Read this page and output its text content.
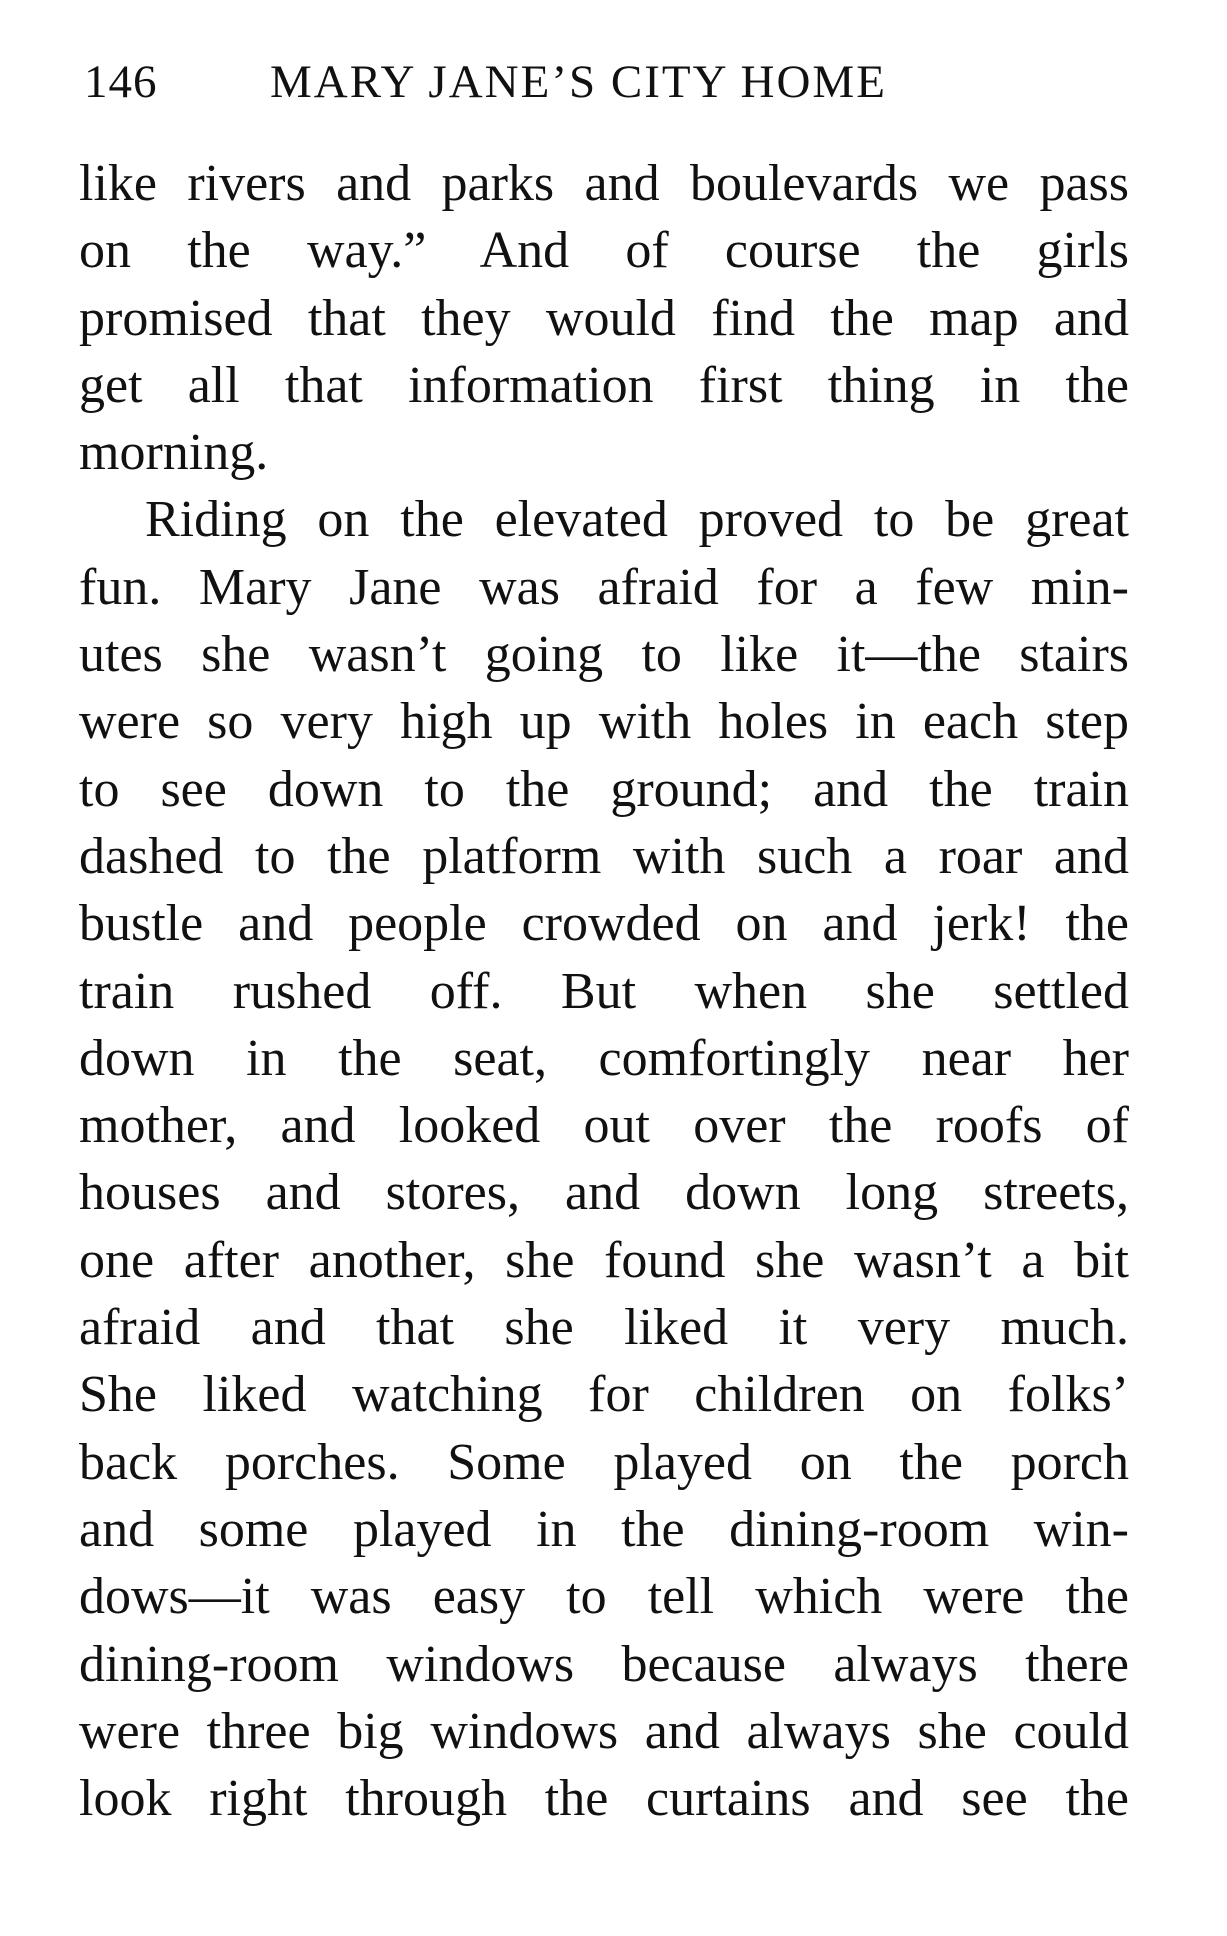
146 MARY JANE’S CITY HOME
like rivers and parks and boulevards we pass
on the way.” And of course the girls
promised that they would find the map and
get all that information first thing in the
morning.
Riding on the elevated proved to be great
fun. Mary Jane was afraid for a few min-
utes she wasn’t going to like it—the stairs
were so very high up with holes in each step
to see down to the ground; and the train
dashed to the platform with such a roar and
bustle and people crowded on and jerk! the
train rushed off. But when she settled
down in the seat, comfortingly near her
mother, and looked out over the roofs of
houses and stores, and down long streets,
one after another, she found she wasn’t a bit
afraid and that she liked it very much.
She liked watching for children on folks’
back porches. Some played on the porch
and some played in the dining-room win-
dows—it was easy to tell which were the
dining-room windows because always there
were three big windows and always she could
look right through the curtains and see the
